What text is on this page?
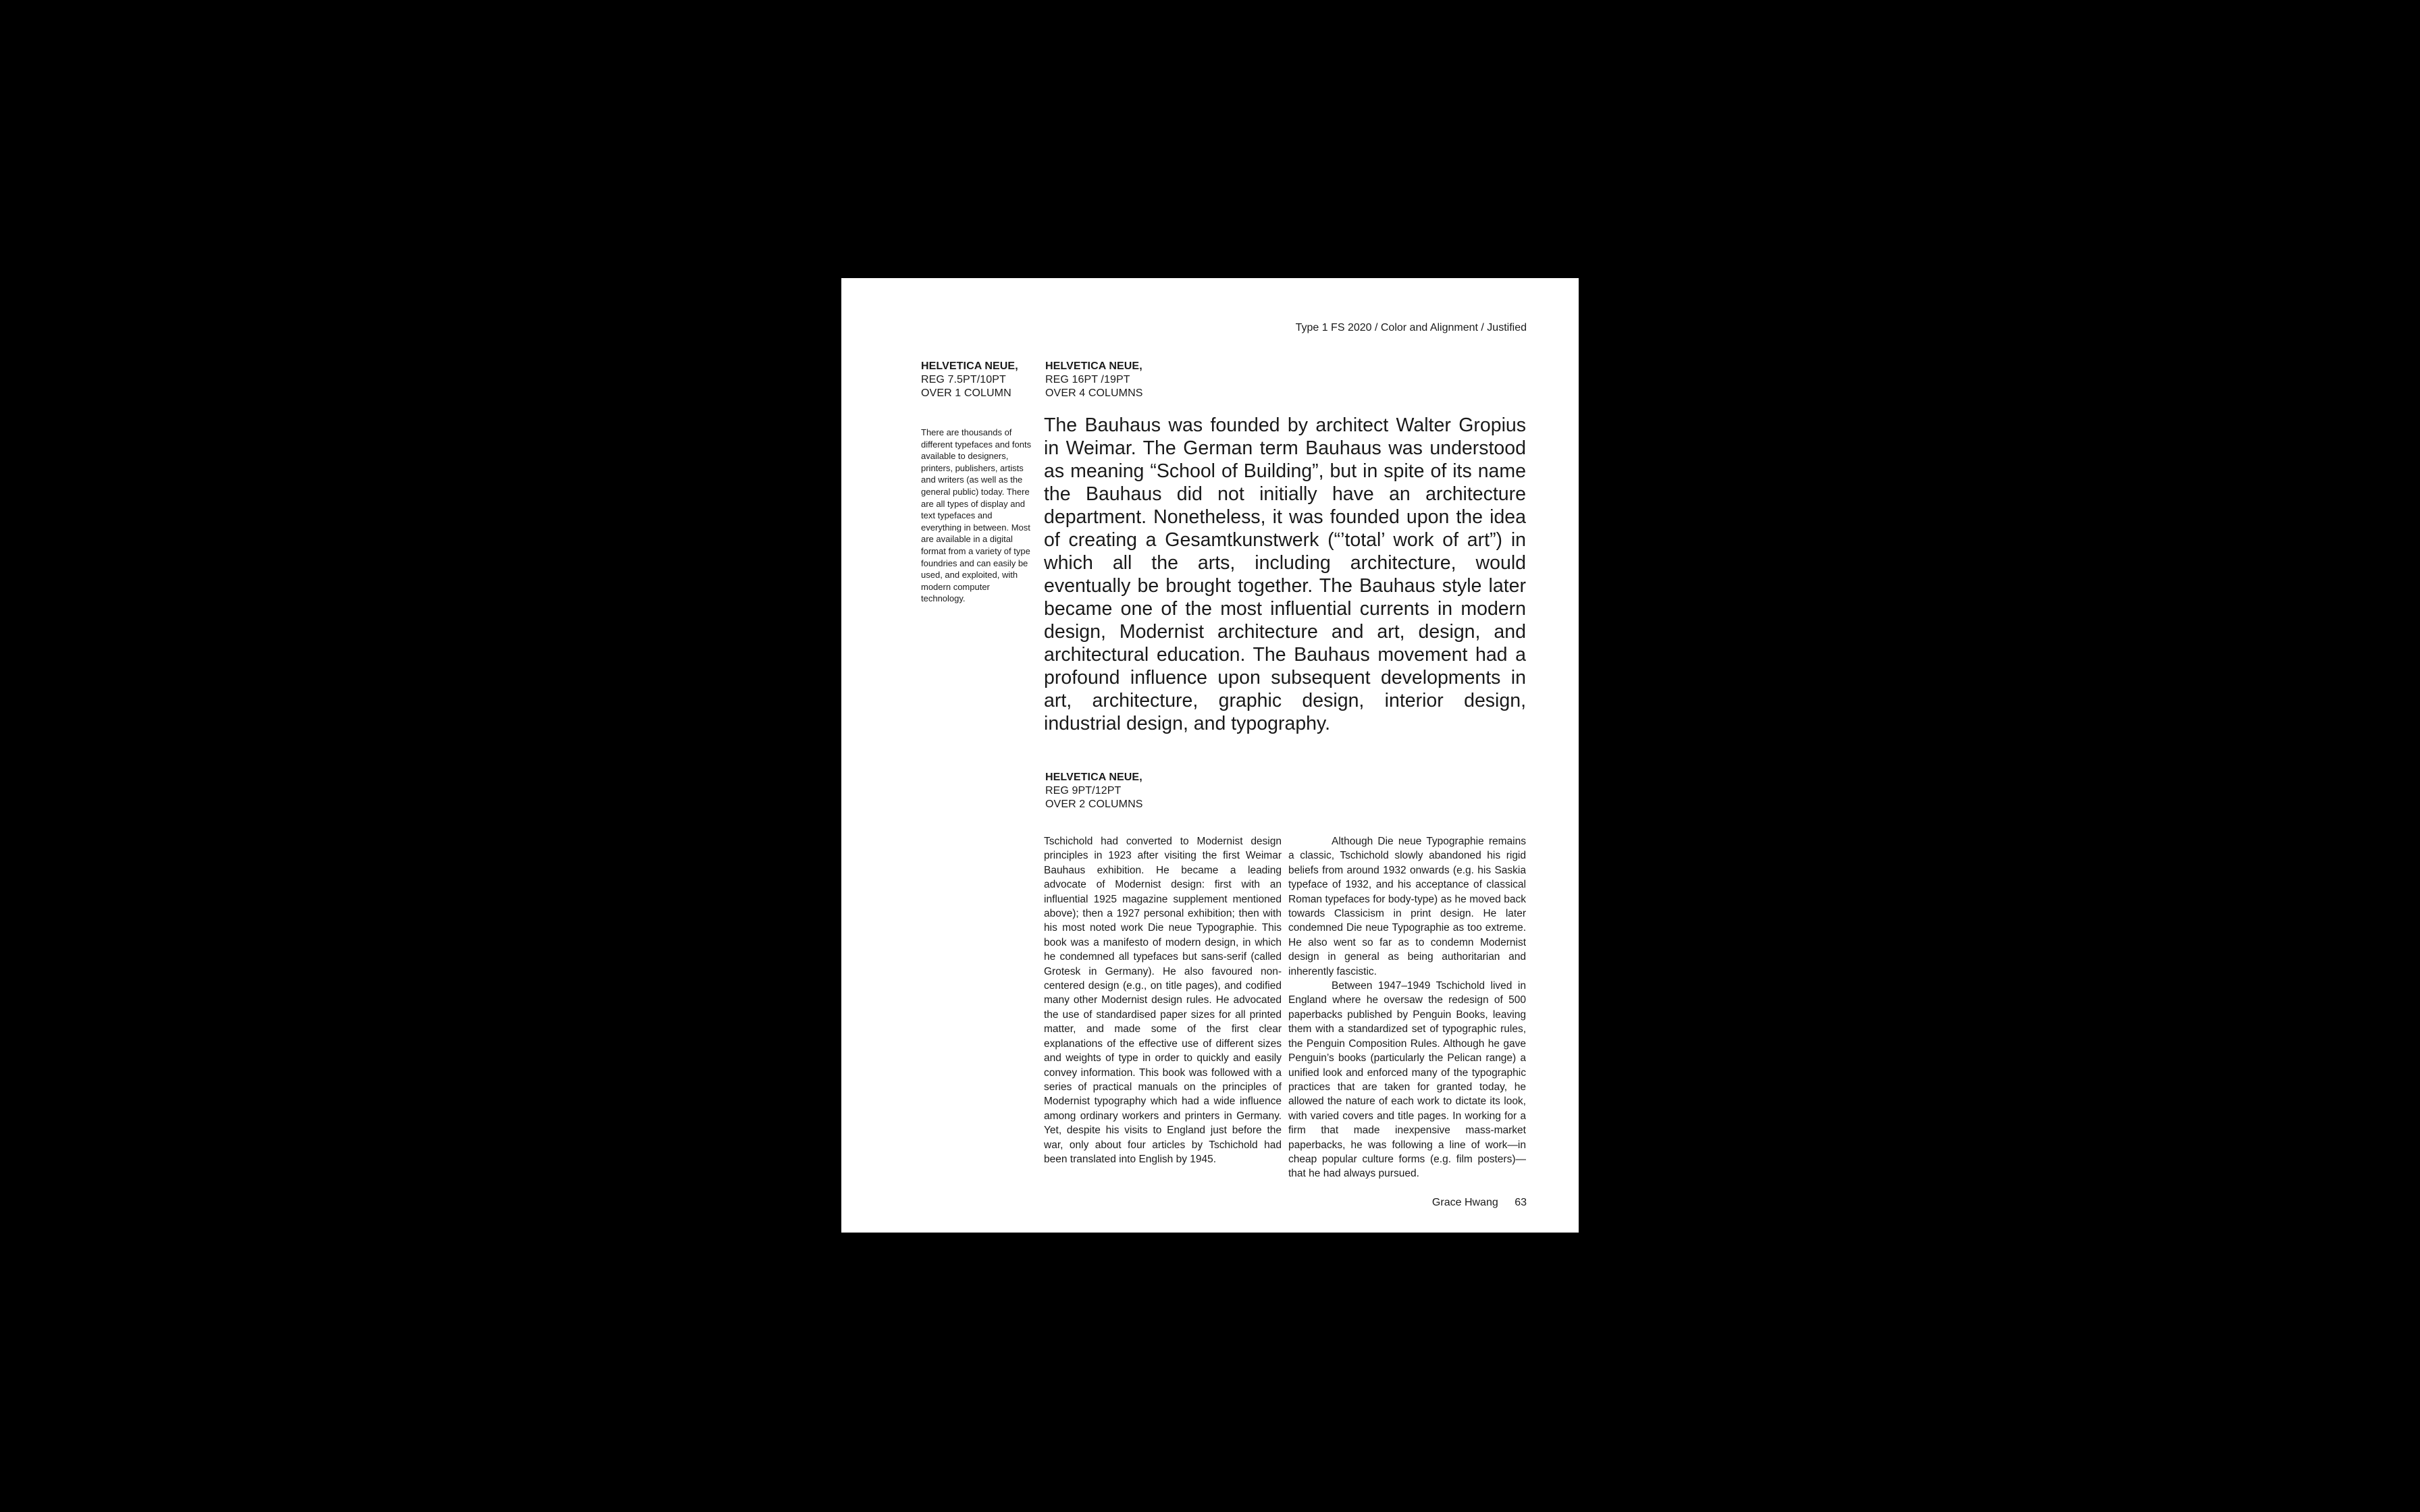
Type 1 FS 2020 / Color and Alignment / Justified
HELVETICA NEUE,
REG 7.5PT/10PT
OVER 1 COLUMN
HELVETICA NEUE,
REG 16PT /19PT
OVER 4 COLUMNS

There are thousands of different typefaces and fonts available to designers, printers, publishers, artists and writers (as well as the general public) today. There are all types of display and text typefaces and everything in between. Most are available in a digital format from a variety of type foundries and can easily be used, and exploited, with modern computer technology.

The Bauhaus was founded by architect Walter Gropius in Weimar. The German term Bauhaus was understood as meaning “School of Building”, but in spite of its name the Bauhaus did not initially have an architecture department. Nonetheless, it was founded upon the idea of creating a Gesamtkunstwerk (“’total’ work of art”) in which all the arts, including architecture, would eventually be brought together. The Bauhaus style later became one of the most influential currents in modern design, Modernist architecture and art, design, and architectural education. The Bauhaus movement had a profound influence upon subsequent developments in art, architecture, graphic design, interior design, industrial design, and typography.

HELVETICA NEUE,
REG 9PT/12PT
OVER 2 COLUMNS

Tschichold had converted to Modernist design principles in 1923 after visiting the first Weimar Bauhaus exhibition. He became a leading advocate of Modernist design: first with an influential 1925 magazine supplement mentioned above); then a 1927 personal exhibition; then with his most noted work Die neue Typographie. This book was a manifesto of modern design, in which he condemned all typefaces but sans-serif (called Grotesk in Germany). He also favoured non-centered design (e.g., on title pages), and codified many other Modernist design rules. He advocated the use of standardised paper sizes for all printed matter, and made some of the first clear explanations of the effective use of different sizes and weights of type in order to quickly and easily convey information. This book was followed with a series of practical manuals on the principles of Modernist typography which had a wide influence among ordinary workers and printers in Germany. Yet, despite his visits to England just before the war, only about four articles by Tschichold had been translated into English by 1945.

Although Die neue Typographie remains a classic, Tschichold slowly abandoned his rigid beliefs from around 1932 onwards (e.g. his Saskia typeface of 1932, and his acceptance of classical Roman typefaces for body-type) as he moved back towards Classicism in print design. He later condemned Die neue Typographie as too extreme. He also went so far as to condemn Modernist design in general as being authoritarian and inherently fascistic.

Between 1947–1949 Tschichold lived in England where he oversaw the redesign of 500 paperbacks published by Penguin Books, leaving them with a standardized set of typographic rules, the Penguin Composition Rules. Although he gave Penguin’s books (particularly the Pelican range) a unified look and enforced many of the typographic practices that are taken for granted today, he allowed the nature of each work to dictate its look, with varied covers and title pages. In working for a firm that made inexpensive mass-market paperbacks, he was following a line of work—in cheap popular culture forms (e.g. film posters)—that he had always pursued.

Grace Hwang 63
